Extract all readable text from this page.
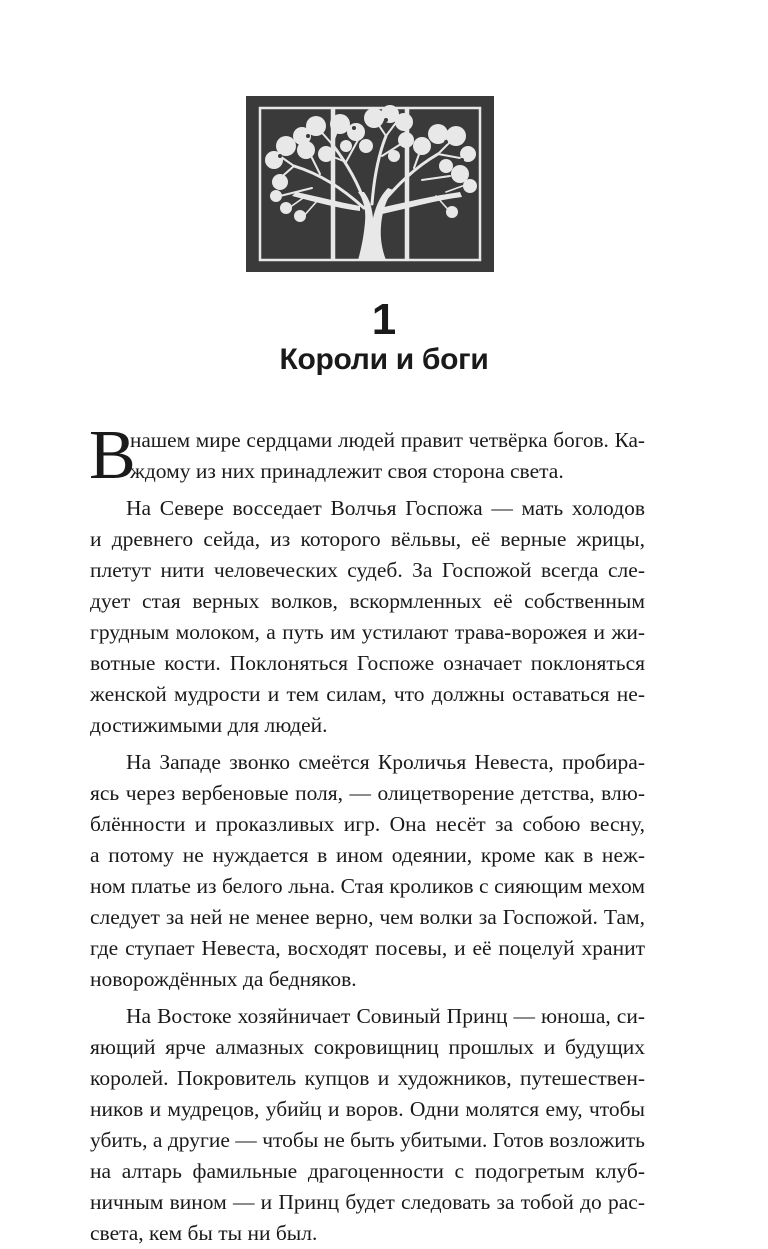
1
Короли и боги
В
нашем мире сердцами людей правит четвёрка богов. Ка-
ждому из них принадлежит своя сторона света.
На Севере восседает Волчья Госпожа — мать холодов
и древнего сейда, из которого вёльвы, её верные жрицы,
плетут нити человеческих судеб. За Госпожой всегда сле-
дует стая верных волков, вскормленных её собственным
грудным молоком, а путь им устилают трава-ворожея и жи-
вотные кости. Поклоняться Госпоже означает поклоняться
женской мудрости и тем силам, что должны оставаться не-
достижимыми для людей.
На Западе звонко смеётся Кроличья Невеста, пробира-
ясь через вербеновые поля, — олицетворение детства, влю-
блённости и проказливых игр. Она несёт за собою весну,
а потому не нуждается в ином одеянии, кроме как в неж-
ном платье из белого льна. Стая кроликов с сияющим мехом
следует за ней не менее верно, чем волки за Госпожой. Там,
где ступает Невеста, восходят посевы, и её поцелуй хранит
новорождённых да бедняков.
На Востоке хозяйничает Совиный Принц — юноша, си-
яющий ярче алмазных сокровищниц прошлых и будущих
королей. Покровитель купцов и художников, путешествен-
ников и мудрецов, убийц и воров. Одни молятся ему, чтобы
убить, а другие — чтобы не быть убитыми. Готов возложить
на алтарь фамильные драгоценности с подогретым клуб-
ничным вином — и Принц будет следовать за тобой до рас-
света, кем бы ты ни был.
